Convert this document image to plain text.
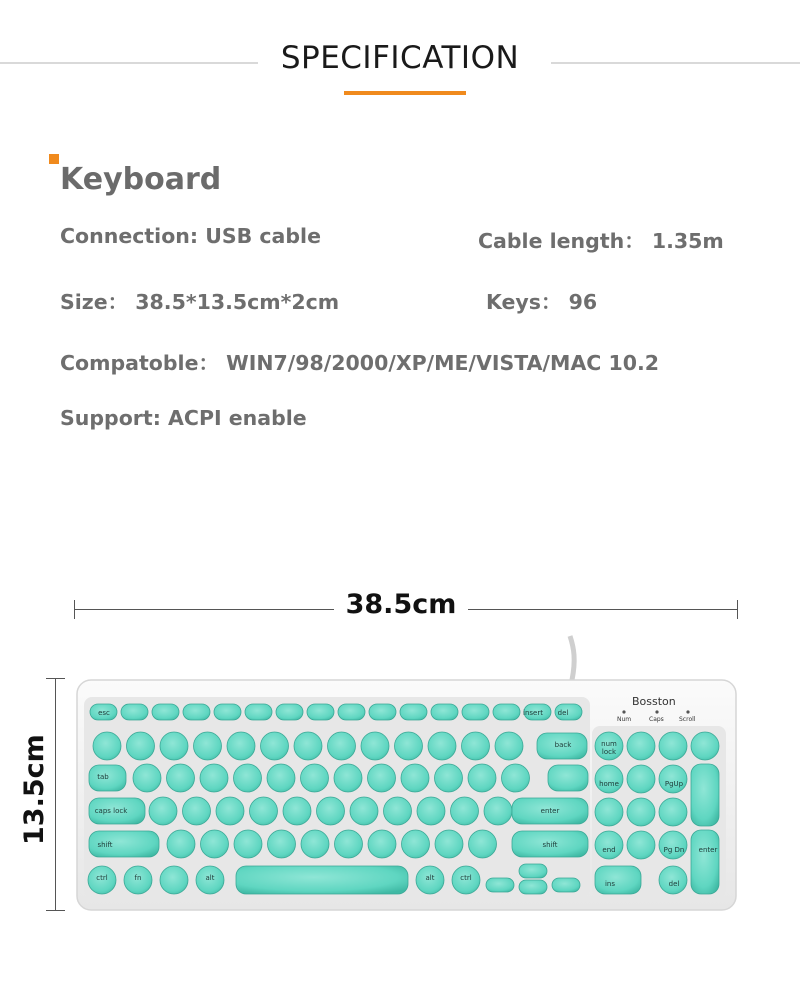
SPECIFICATION
Keyboard
Connection: USB cable	Cable length： 1.35m
Size： 38.5*13.5cm*2cm	Keys： 96
Compatoble： WIN7/98/2000/XP/ME/VISTA/MAC 10.2
Support: ACPI enable
38.5cm
13.5cm
Bosston
Num	Caps	Scroll
esc	insert	del
back
tab
caps lock	enter
shift	shift
ctrl	fn	alt	alt	ctrl
num lock
enter
home	PgUp
end	Pg Dn
ins	del
